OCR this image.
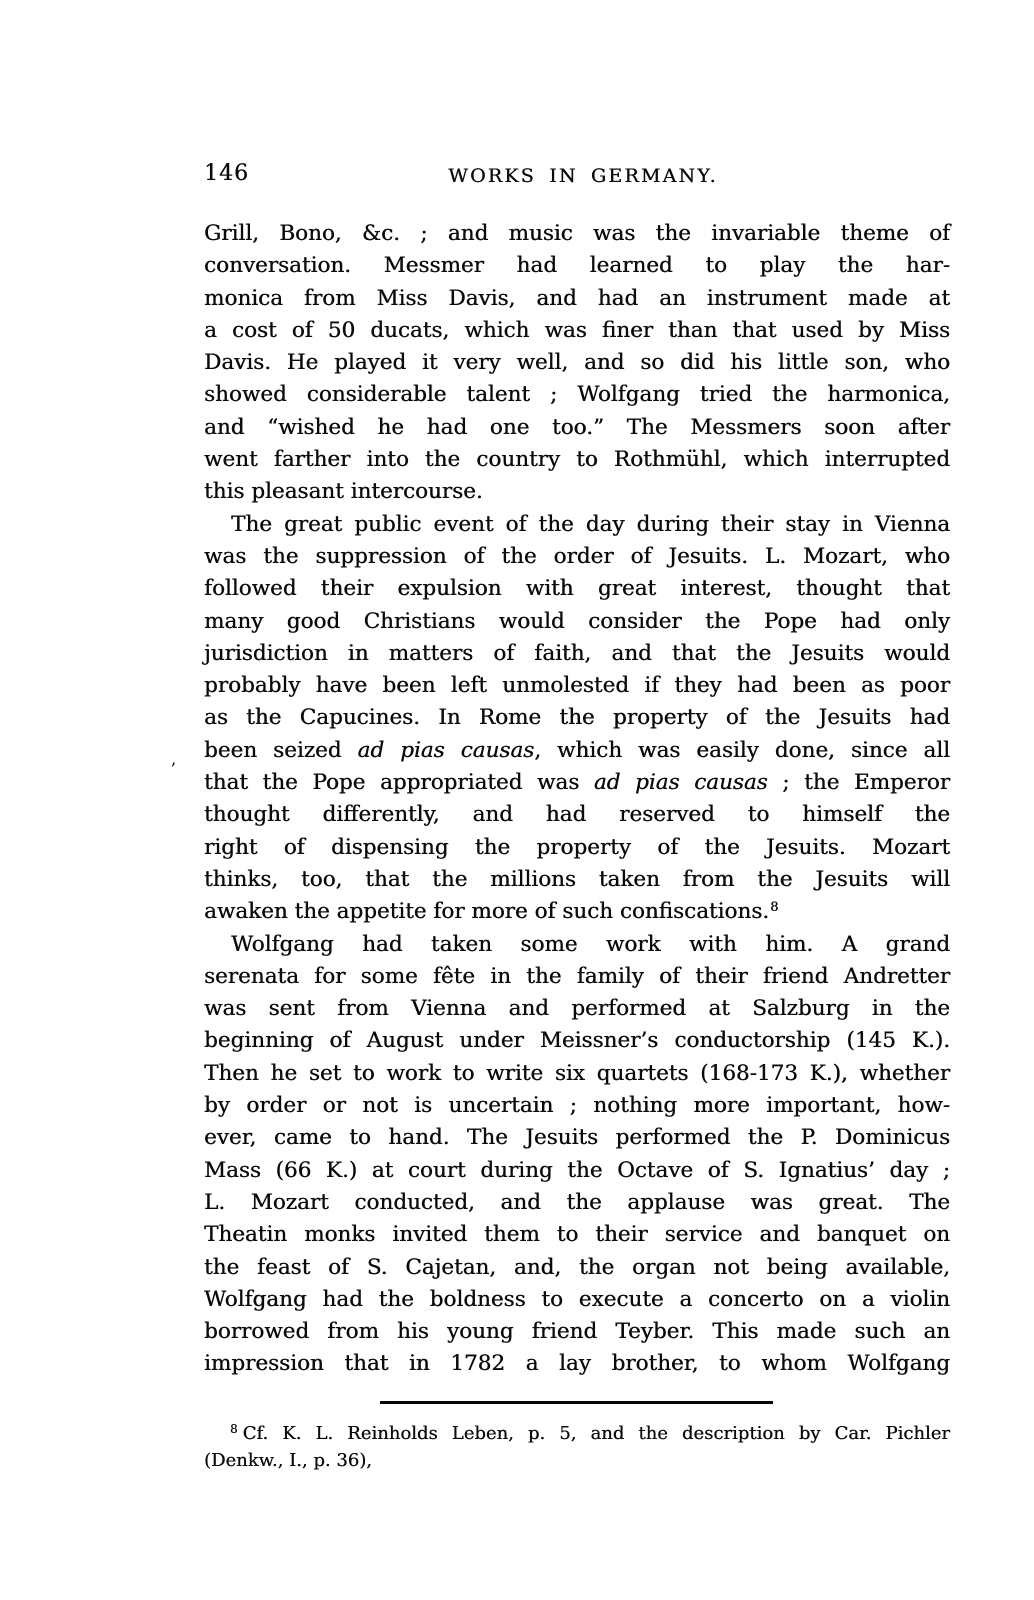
146	WORKS IN GERMANY.
Grill, Bono, &c. ; and music was the invariable theme of
conversation. Messmer had learned to play the har-
monica from Miss Davis, and had an instrument made at
a cost of 50 ducats, which was finer than that used by Miss
Davis. He played it very well, and so did his little son, who
showed considerable talent ; Wolfgang tried the harmonica,
and “wished he had one too.” The Messmers soon after
went farther into the country to Rothmühl, which interrupted
this pleasant intercourse.
The great public event of the day during their stay in Vienna
was the suppression of the order of Jesuits. L. Mozart, who
followed their expulsion with great interest, thought that
many good Christians would consider the Pope had only
jurisdiction in matters of faith, and that the Jesuits would
probably have been left unmolested if they had been as poor
as the Capucines. In Rome the property of the Jesuits had
been seized ad pias causas, which was easily done, since all
that the Pope appropriated was ad pias causas ; the Emperor
thought differently, and had reserved to himself the
right of dispensing the property of the Jesuits. Mozart
thinks, too, that the millions taken from the Jesuits will
awaken the appetite for more of such confiscations.$^8$
Wolfgang had taken some work with him. A grand
serenata for some fête in the family of their friend Andretter
was sent from Vienna and performed at Salzburg in the
beginning of August under Meissner’s conductorship (145 K.).
Then he set to work to write six quartets (168-173 K.), whether
by order or not is uncertain ; nothing more important, how-
ever, came to hand. The Jesuits performed the P. Dominicus
Mass (66 K.) at court during the Octave of S. Ignatius’ day ;
L. Mozart conducted, and the applause was great. The
Theatin monks invited them to their service and banquet on
the feast of S. Cajetan, and, the organ not being available,
Wolfgang had the boldness to execute a concerto on a violin
borrowed from his young friend Teyber. This made such an
impression that in 1782 a lay brother, to whom Wolfgang
ʼ
$^8$ Cf. K. L. Reinholds Leben, p. 5, and the description by Car. Pichler
(Denkw., I., p. 36),
